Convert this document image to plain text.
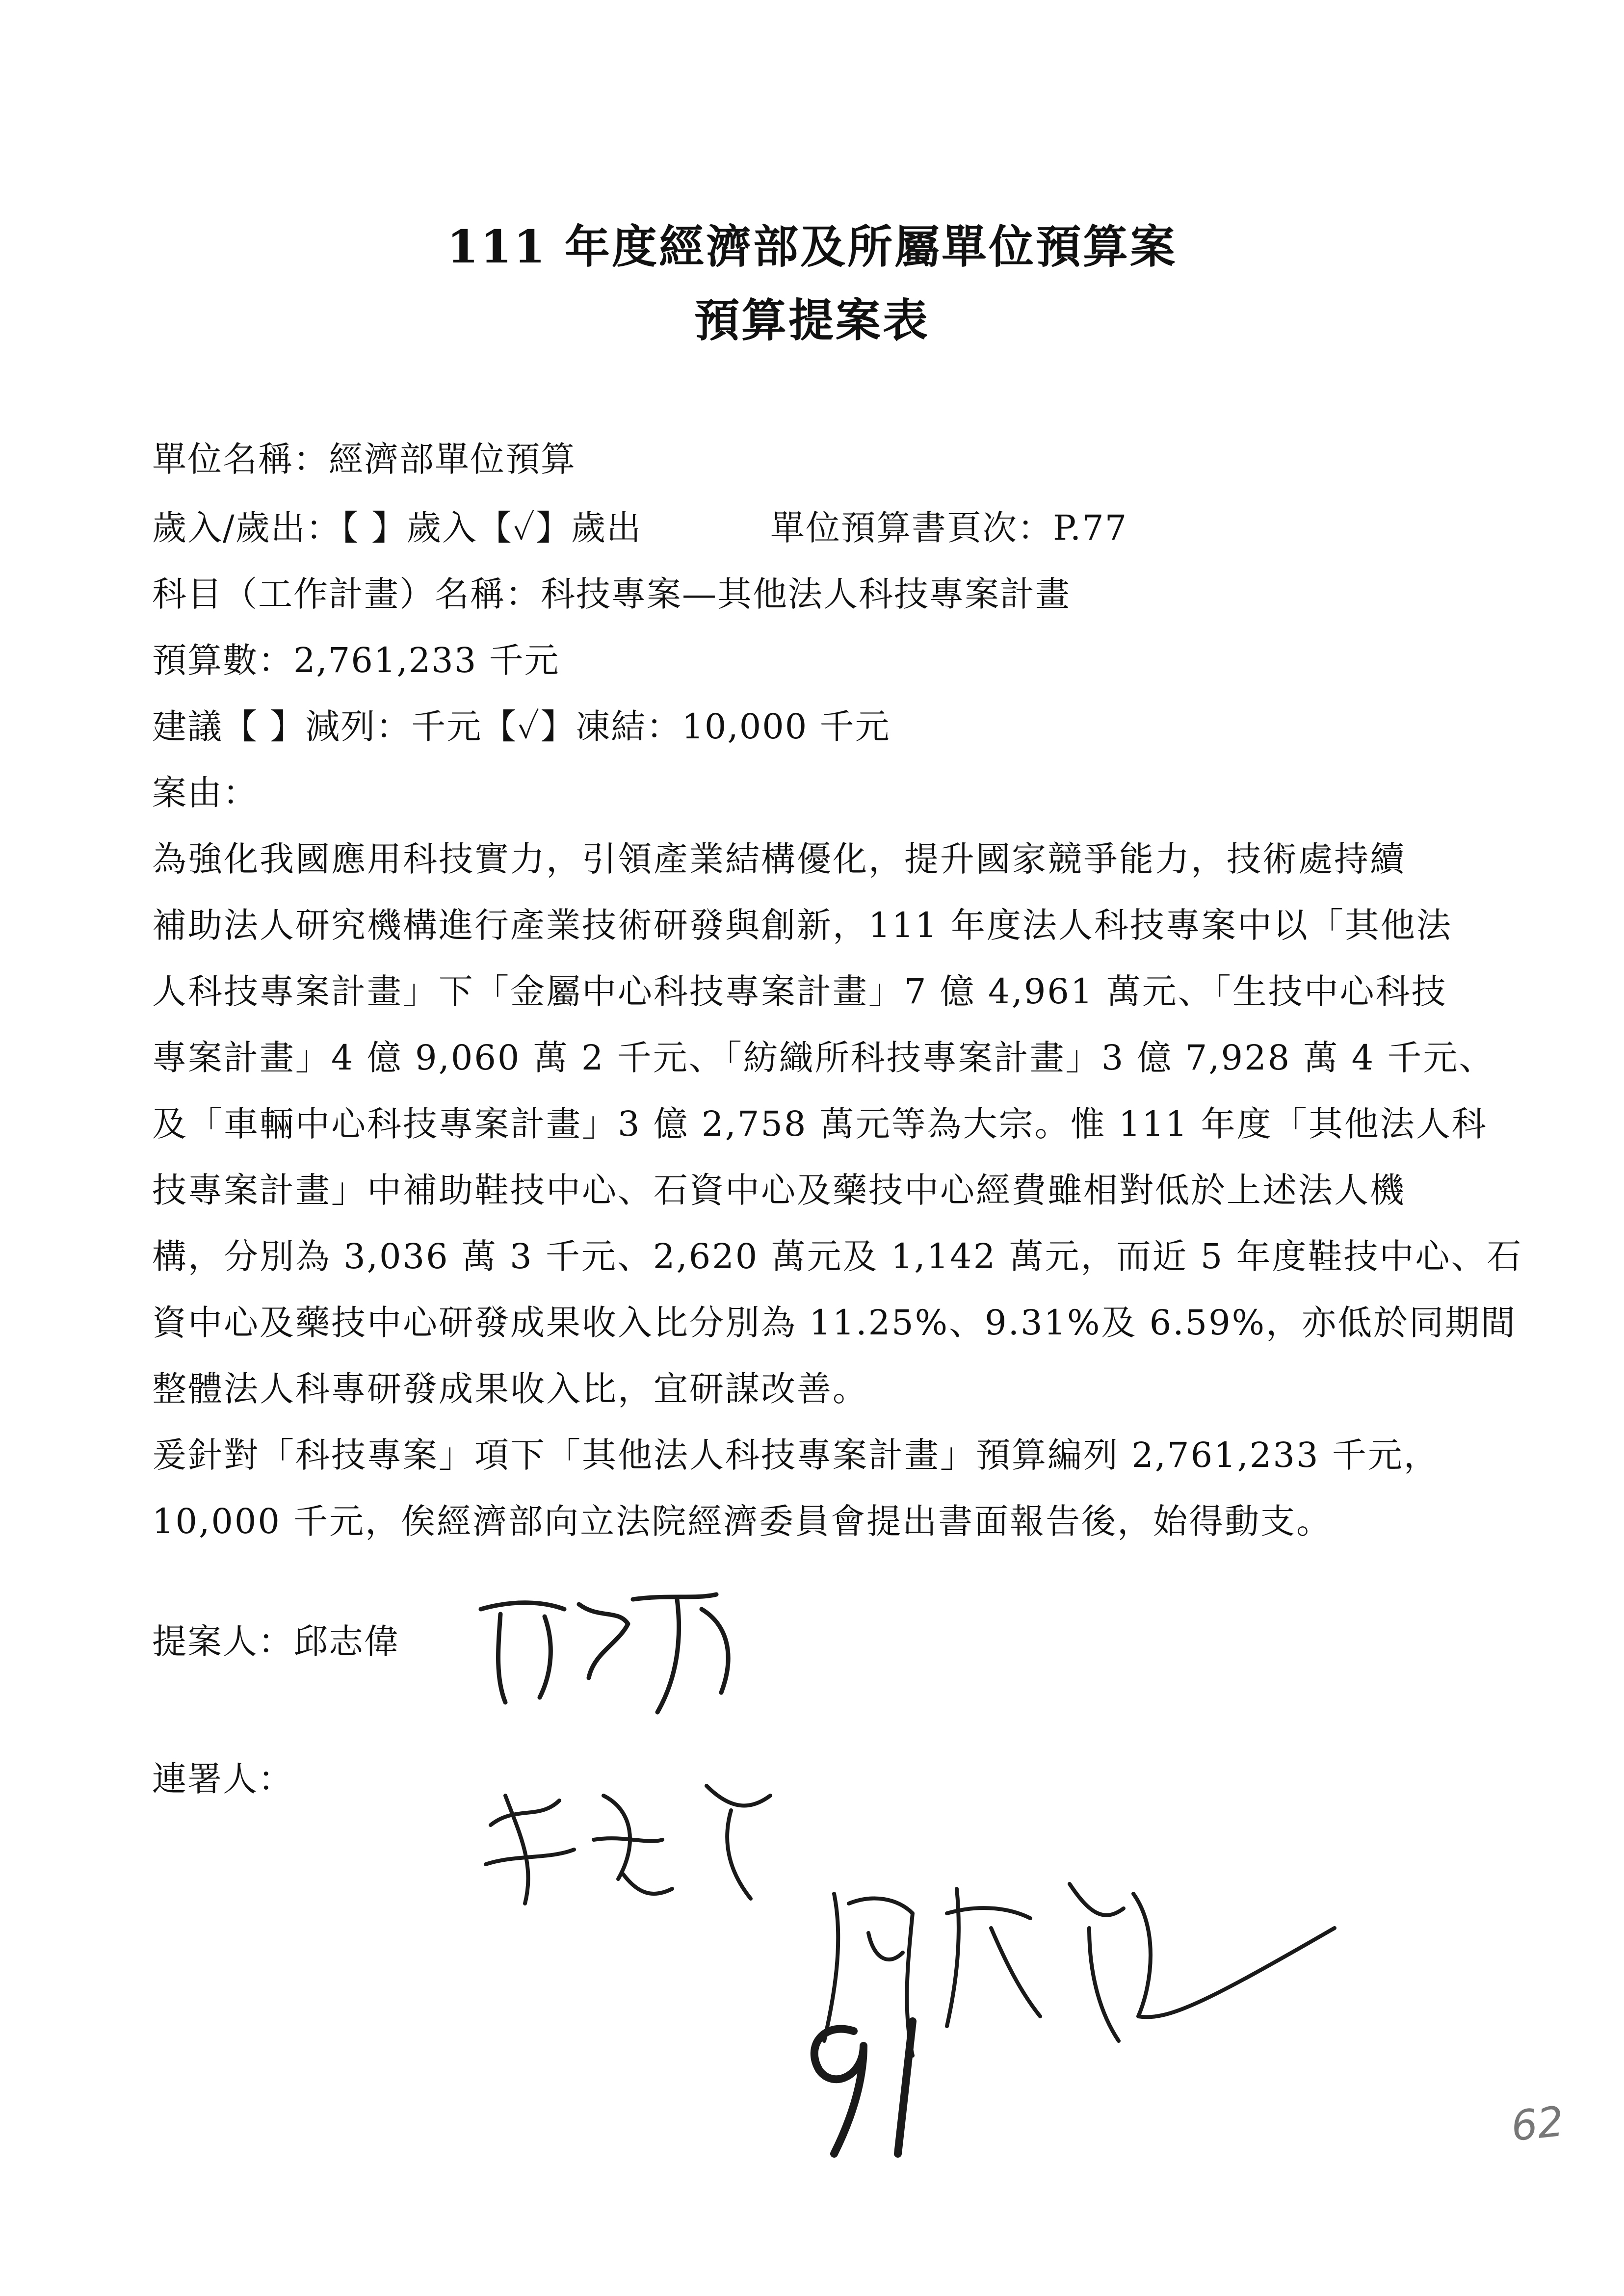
111 年度經濟部及所屬單位預算案
預算提案表
單位名稱：經濟部單位預算
歲入/歲出：【 】歲入【✓】歲出	單位預算書頁次：P.77
科目（工作計畫）名稱：科技專案—其他法人科技專案計畫
預算數：2,761,233 千元
建議【 】減列：千元【✓】凍結：10,000 千元
案由：
為強化我國應用科技實力，引領產業結構優化，提升國家競爭能力，技術處持續
補助法人研究機構進行產業技術研發與創新，111 年度法人科技專案中以「其他法
人科技專案計畫」下「金屬中心科技專案計畫」7 億 4,961 萬元、「生技中心科技
專案計畫」4 億 9,060 萬 2 千元、「紡織所科技專案計畫」3 億 7,928 萬 4 千元、
及「車輛中心科技專案計畫」3 億 2,758 萬元等為大宗。惟 111 年度「其他法人科
技專案計畫」中補助鞋技中心、石資中心及藥技中心經費雖相對低於上述法人機
構，分別為 3,036 萬 3 千元、2,620 萬元及 1,142 萬元，而近 5 年度鞋技中心、石
資中心及藥技中心研發成果收入比分別為 11.25%、9.31%及 6.59%，亦低於同期間
整體法人科專研發成果收入比，宜研謀改善。
爰針對「科技專案」項下「其他法人科技專案計畫」預算編列 2,761,233 千元，
10,000 千元，俟經濟部向立法院經濟委員會提出書面報告後，始得動支。
提案人：邱志偉
連署人：
62
